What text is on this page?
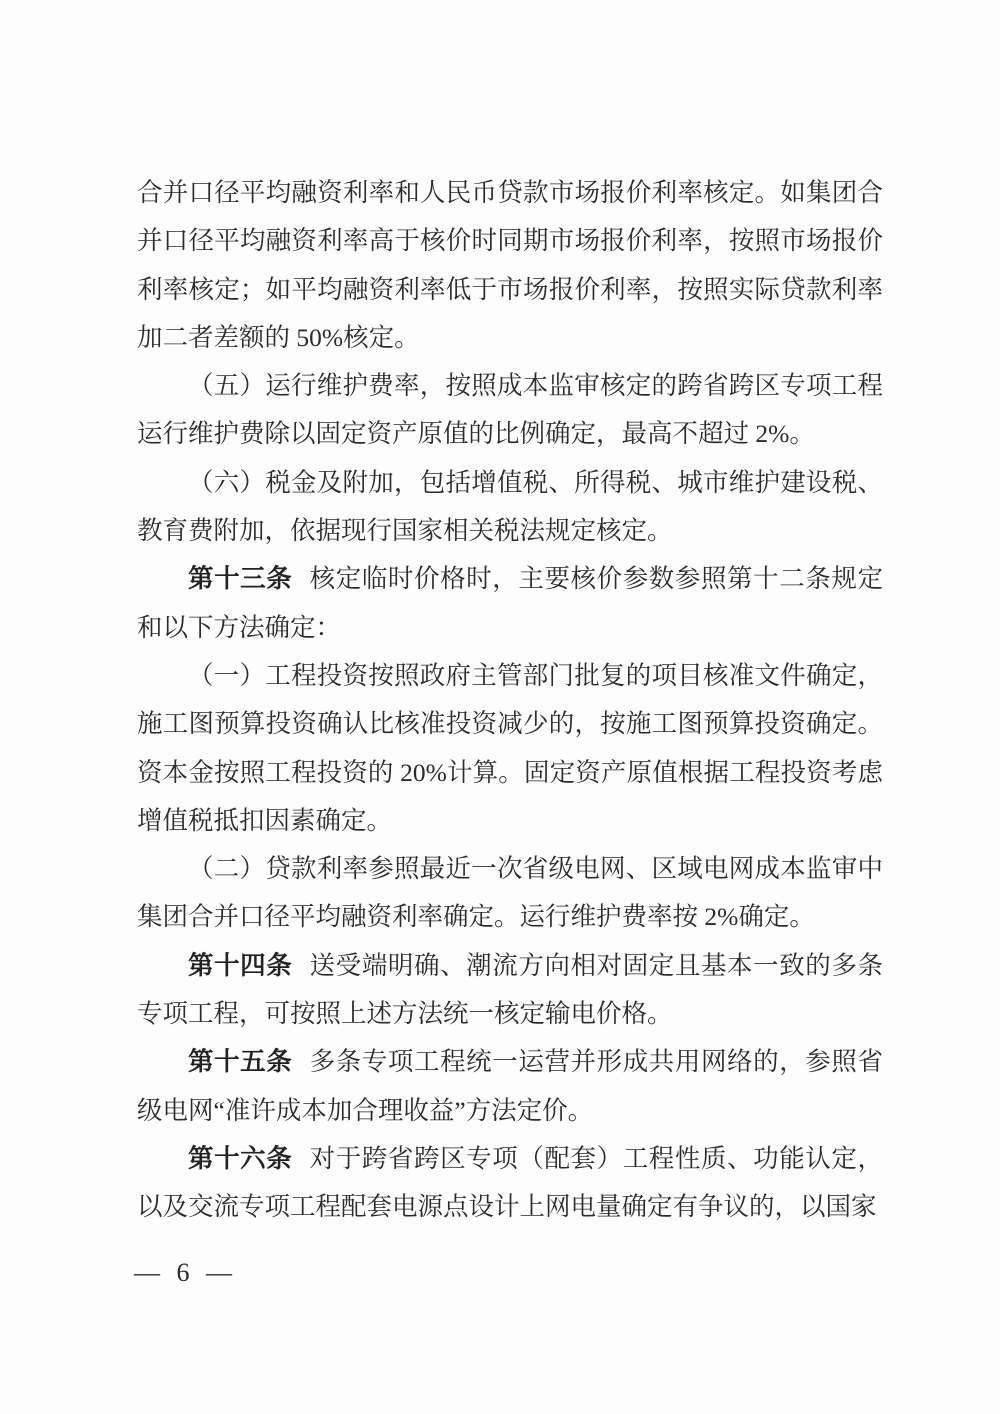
合并口径平均融资利率和人民币贷款市场报价利率核定。如集团合并口径平均融资利率高于核价时同期市场报价利率，按照市场报价利率核定；如平均融资利率低于市场报价利率，按照实际贷款利率加二者差额的 50%核定。

（五）运行维护费率，按照成本监审核定的跨省跨区专项工程运行维护费除以固定资产原值的比例确定，最高不超过 2%。

（六）税金及附加，包括增值税、所得税、城市维护建设税、教育费附加，依据现行国家相关税法规定核定。

第十三条 核定临时价格时，主要核价参数参照第十二条规定和以下方法确定：

（一）工程投资按照政府主管部门批复的项目核准文件确定，施工图预算投资确认比核准投资减少的，按施工图预算投资确定。资本金按照工程投资的 20%计算。固定资产原值根据工程投资考虑增值税抵扣因素确定。

（二）贷款利率参照最近一次省级电网、区域电网成本监审中集团合并口径平均融资利率确定。运行维护费率按 2%确定。

第十四条 送受端明确、潮流方向相对固定且基本一致的多条专项工程，可按照上述方法统一核定输电价格。

第十五条 多条专项工程统一运营并形成共用网络的，参照省级电网“准许成本加合理收益”方法定价。

第十六条 对于跨省跨区专项（配套）工程性质、功能认定，以及交流专项工程配套电源点设计上网电量确定有争议的，以国家

— 6 —
